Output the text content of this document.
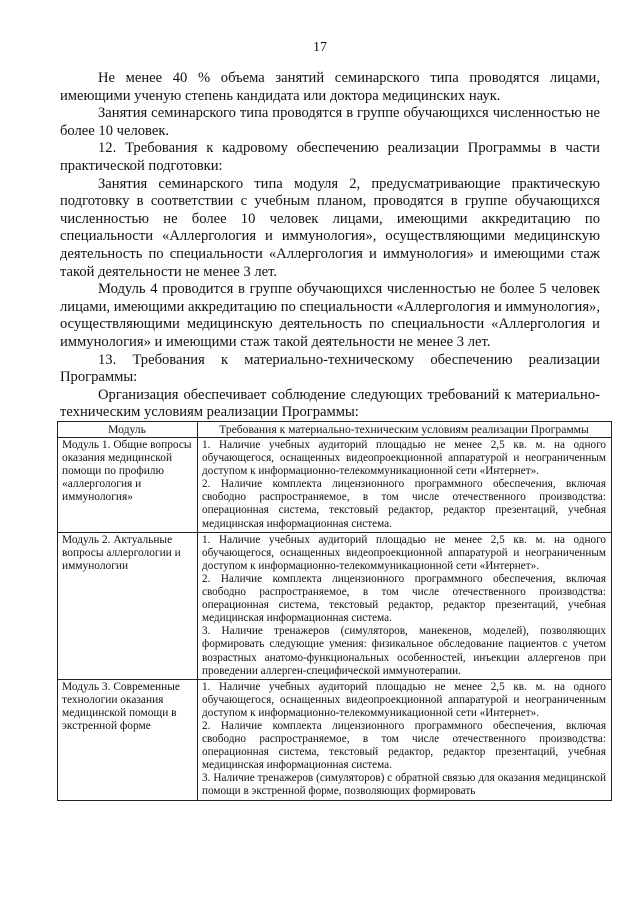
17

Не менее 40 % объема занятий семинарского типа проводятся лицами, имеющими ученую степень кандидата или доктора медицинских наук.

Занятия семинарского типа проводятся в группе обучающихся численностью не более 10 человек.

12. Требования к кадровому обеспечению реализации Программы в части практической подготовки:

Занятия семинарского типа модуля 2, предусматривающие практическую подготовку в соответствии с учебным планом, проводятся в группе обучающихся численностью не более 10 человек лицами, имеющими аккредитацию по специальности «Аллергология и иммунология», осуществляющими медицинскую деятельность по специальности «Аллергология и иммунология» и имеющими стаж такой деятельности не менее 3 лет.

Модуль 4 проводится в группе обучающихся численностью не более 5 человек лицами, имеющими аккредитацию по специальности «Аллергология и иммунология», осуществляющими медицинскую деятельность по специальности «Аллергология и иммунология» и имеющими стаж такой деятельности не менее 3 лет.

13. Требования к материально-техническому обеспечению реализации Программы:

Организация обеспечивает соблюдение следующих требований к материально-техническим условиям реализации Программы:

Модуль	Требования к материально-техническим условиям реализации Программы
Модуль 1. Общие вопросы оказания медицинской помощи по профилю «аллергология и иммунология»	1. Наличие учебных аудиторий площадью не менее 2,5 кв. м. на одного обучающегося, оснащенных видеопроекционной аппаратурой и неограниченным доступом к информационно-телекоммуникационной сети «Интернет».

2. Наличие комплекта лицензионного программного обеспечения, включая свободно распространяемое, в том числе отечественного производства: операционная система, текстовый редактор, редактор презентаций, учебная медицинская информационная система.

Модуль 2. Актуальные вопросы аллергологии и иммунологии	1. Наличие учебных аудиторий площадью не менее 2,5 кв. м. на одного обучающегося, оснащенных видеопроекционной аппаратурой и неограниченным доступом к информационно-телекоммуникационной сети «Интернет».

2. Наличие комплекта лицензионного программного обеспечения, включая свободно распространяемое, в том числе отечественного производства: операционная система, текстовый редактор, редактор презентаций, учебная медицинская информационная система.

3. Наличие тренажеров (симуляторов, манекенов, моделей), позволяющих формировать следующие умения: физикальное обследование пациентов с учетом возрастных анатомо-функциональных особенностей, инъекции аллергенов при проведении аллерген-специфической иммунотерапии.

Модуль 3. Современные технологии оказания медицинской помощи в экстренной форме	1. Наличие учебных аудиторий площадью не менее 2,5 кв. м. на одного обучающегося, оснащенных видеопроекционной аппаратурой и неограниченным доступом к информационно-телекоммуникационной сети «Интернет».

2. Наличие комплекта лицензионного программного обеспечения, включая свободно распространяемое, в том числе отечественного производства: операционная система, текстовый редактор, редактор презентаций, учебная медицинская информационная система.

3. Наличие тренажеров (симуляторов) с обратной связью для оказания медицинской помощи в экстренной форме, позволяющих формировать
